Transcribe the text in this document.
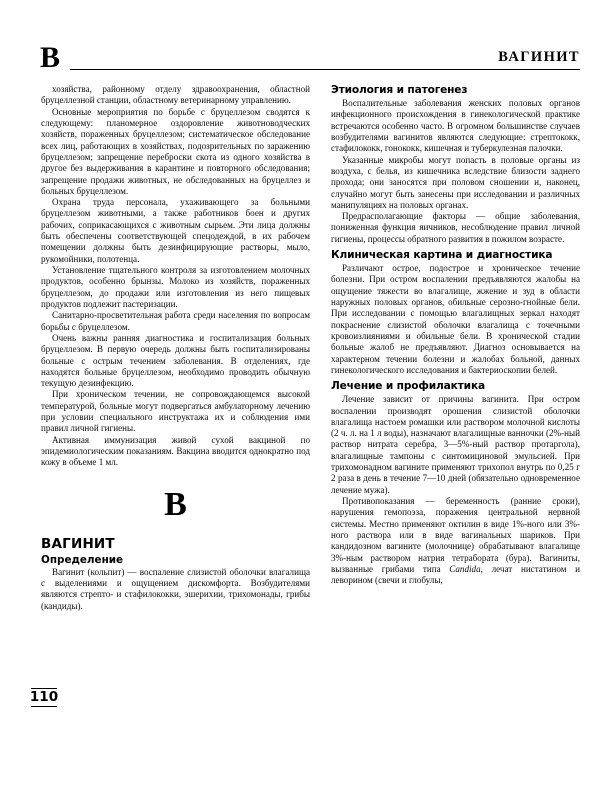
В	ВАГИНИТ

хозяйства, районному отделу здравоохранения, областной бруцеллезной станции, областному ветеринарному управлению.

Основные мероприятия по борьбе с бруцеллезом сводятся к следующему: планомерное оздоровление животноводческих хозяйств, пораженных бруцеллезом; систематическое обследование всех лиц, работающих в хозяйствах, подозрительных по заражению бруцеллезом; запрещение переброски скота из одного хозяйства в другое без выдерживания в карантине и повторного обследования; запрещение продажи животных, не обследованных на бруцеллез и больных бруцеллезом.

Охрана труда персонала, ухаживающего за больными бруцеллезом животными, а также работников боен и других рабочих, соприкасающихся с животным сырьем. Эти лица должны быть обеспечены соответствующей спецодеждой, в их рабочем помещении должны быть дезинфицирующие растворы, мыло, рукомойники, полотенца.

Установление тщательного контроля за изготовлением молочных продуктов, особенно брынзы. Молоко из хозяйств, пораженных бруцеллезом, до продажи или изготовления из него пищевых продуктов подлежит пастеризации.

Санитарно-просветительная работа среди населения по вопросам борьбы с бруцеллезом.

Очень важны ранняя диагностика и госпитализация больных бруцеллезом. В первую очередь должны быть госпитализированы больные с острым течением заболевания. В отделениях, где находятся больные бруцеллезом, необходимо проводить обычную текущую дезинфекцию.

При хроническом течении, не сопровождающемся высокой температурой, больные могут подвергаться амбулаторному лечению при условии специального инструктажа их и соблюдения ими правил личной гигиены.

Активная иммунизация живой сухой вакциной по эпидемиологическим показаниям. Вакцина вводится однократно под кожу в объеме 1 мл.

В
ВАГИНИТ
Определение

Вагинит (кольпит) — воспаление слизистой оболочки влагалища с выделениями и ощущением дискомфорта. Возбудителями являются стрепто- и стафилококки, эшерихии, трихомонады, грибы (кандиды).

Этиология и патогенез

Воспалительные заболевания женских половых органов инфекционного происхождения в гинекологической практике встречаются особенно часто. В огромном большинстве случаев возбудителями вагинитов являются следующие: стрептококк, стафилококк, гонококк, кишечная и туберкулезная палочки.

Указанные микробы могут попасть в половые органы из воздуха, с белья, из кишечника вследствие близости заднего прохода; они заносятся при половом сношении и, наконец, случайно могут быть занесены при исследовании и различных манипуляциях на половых органах.

Предрасполагающие факторы — общие заболевания, пониженная функция яичников, несоблюдение правил личной гигиены, процессы обратного развития в пожилом возрасте.

Клиническая картина и диагностика

Различают острое, подострое и хроническое течение болезни. При остром воспалении предъявляются жалобы на ощущение тяжести во влагалище, жжение и зуд в области наружных половых органов, обильные серозно-гнойные бели. При исследовании с помощью влагалищных зеркал находят покраснение слизистой оболочки влагалища с точечными кровоизлияниями и обильные бели. В хронической стадии больные жалоб не предъявляют. Диагноз основывается на характерном течении болезни и жалобах больной, данных гинекологического исследования и бактериоскопии белей.

Лечение и профилактика

Лечение зависит от причины вагинита. При остром воспалении производят орошения слизистой оболочки влагалища настоем ромашки или раствором молочной кислоты (2 ч. л. на 1 л воды), назначают влагалищные ванночки (2%-ный раствор нитрата серебра, 3—5%-ный раствор протаргола), влагалищные тампоны с синтомициновой эмульсией. При трихомонадном вагините применяют трихопол внутрь по 0,25 г 2 раза в день в течение 7—10 дней (обязательно одновременное лечение мужа).

Противопоказания — беременность (ранние сроки), нарушения гемопоэза, поражения центральной нервной системы. Местно применяют октилин в виде 1%-ного или 3%-ного раствора или в виде вагинальных шариков. При кандидозном вагините (молочнице) обрабатывают влагалище 3%-ным раствором натрия тетрабората (бура). Вагиниты, вызванные грибами типа Candida, лечат нистатином и леворином (свечи и глобулы,

110
